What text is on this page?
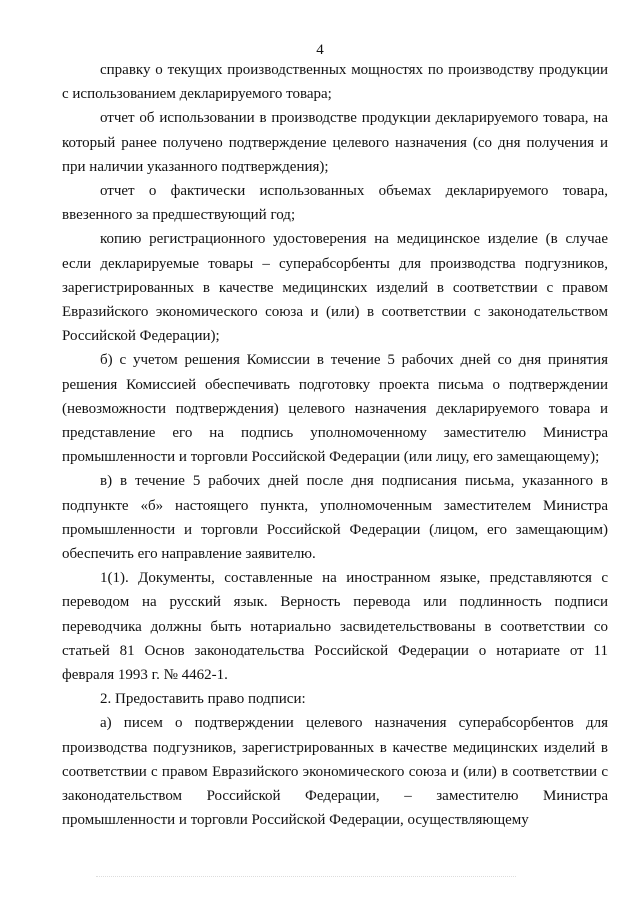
4

справку о текущих производственных мощностях по производству продукции с использованием декларируемого товара;

отчет об использовании в производстве продукции декларируемого товара, на который ранее получено подтверждение целевого назначения (со дня получения и при наличии указанного подтверждения);

отчет о фактически использованных объемах декларируемого товара, ввезенного за предшествующий год;

копию регистрационного удостоверения на медицинское изделие (в случае если декларируемые товары – суперабсорбенты для производства подгузников, зарегистрированных в качестве медицинских изделий в соответствии с правом Евразийского экономического союза и (или) в соответствии с законодательством Российской Федерации);

б) с учетом решения Комиссии в течение 5 рабочих дней со дня принятия решения Комиссией обеспечивать подготовку проекта письма о подтверждении (невозможности подтверждения) целевого назначения декларируемого товара и представление его на подпись уполномоченному заместителю Министра промышленности и торговли Российской Федерации (или лицу, его замещающему);

в) в течение 5 рабочих дней после дня подписания письма, указанного в подпункте «б» настоящего пункта, уполномоченным заместителем Министра промышленности и торговли Российской Федерации (лицом, его замещающим) обеспечить его направление заявителю.

1(1). Документы, составленные на иностранном языке, представляются с переводом на русский язык. Верность перевода или подлинность подписи переводчика должны быть нотариально засвидетельствованы в соответствии со статьей 81 Основ законодательства Российской Федерации о нотариате от 11 февраля 1993 г. № 4462-1.

2. Предоставить право подписи:

а) писем о подтверждении целевого назначения суперабсорбентов для производства подгузников, зарегистрированных в качестве медицинских изделий в соответствии с правом Евразийского экономического союза и (или) в соответствии с законодательством Российской Федерации, – заместителю Министра промышленности и торговли Российской Федерации, осуществляющему
